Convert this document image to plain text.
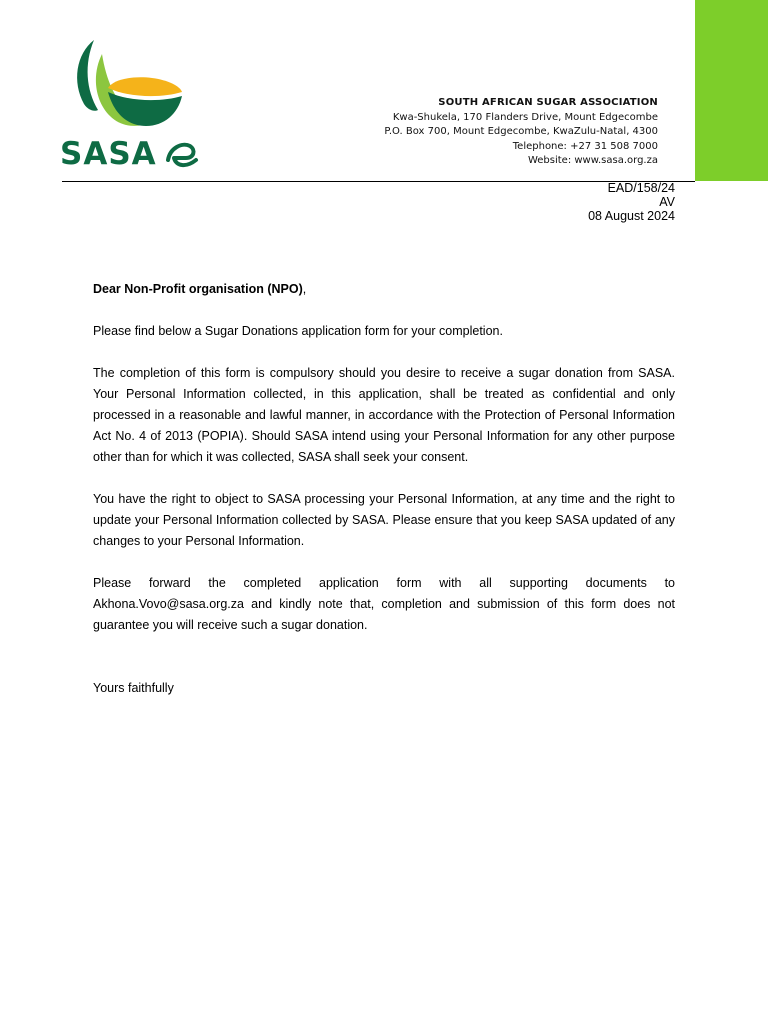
SASA
SOUTH AFRICAN SUGAR ASSOCIATION
Kwa-Shukela, 170 Flanders Drive, Mount Edgecombe
P.O. Box 700, Mount Edgecombe, KwaZulu-Natal, 4300
Telephone: +27 31 508 7000
Website: www.sasa.org.za
EAD/158/24
AV
08 August 2024

Dear Non-Profit organisation (NPO),

Please find below a Sugar Donations application form for your completion.

The completion of this form is compulsory should you desire to receive a sugar donation from SASA. Your Personal Information collected, in this application, shall be treated as confidential and only processed in a reasonable and lawful manner, in accordance with the Protection of Personal Information Act No. 4 of 2013 (POPIA). Should SASA intend using your Personal Information for any other purpose other than for which it was collected, SASA shall seek your consent.

You have the right to object to SASA processing your Personal Information, at any time and the right to update your Personal Information collected by SASA. Please ensure that you keep SASA updated of any changes to your Personal Information.

Please forward the completed application form with all supporting documents to Akhona.Vovo@sasa.org.za and kindly note that, completion and submission of this form does not guarantee you will receive such a sugar donation.

Yours faithfully
